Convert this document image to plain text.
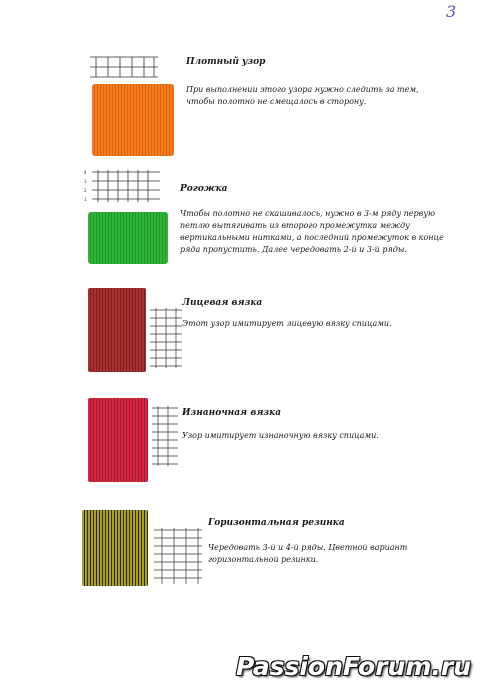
3
Плотный узор
При выполнении этого узора нужно следить за тем, чтобы полотно не смещалось в сторону.
4
3
2
1
Рогожка
Чтобы полотно не скашивалось, нужно в 3-м ряду первую петлю вытягивать из второго промежутка между вертикальными нитками, а последний промежуток в конце ряда пропустить. Далее чередовать 2-й и 3-й ряды.
Лицевая вязка
Этот узор имитирует лицевую вязку спицами.
Изнаночная вязка
Узор имитирует изнаночную вязку спицами.
Горизонтальная резинка
Чередовать 3-й и 4-й ряды. Цветной вариант горизонтальной резинки.
PassionForum.ru
